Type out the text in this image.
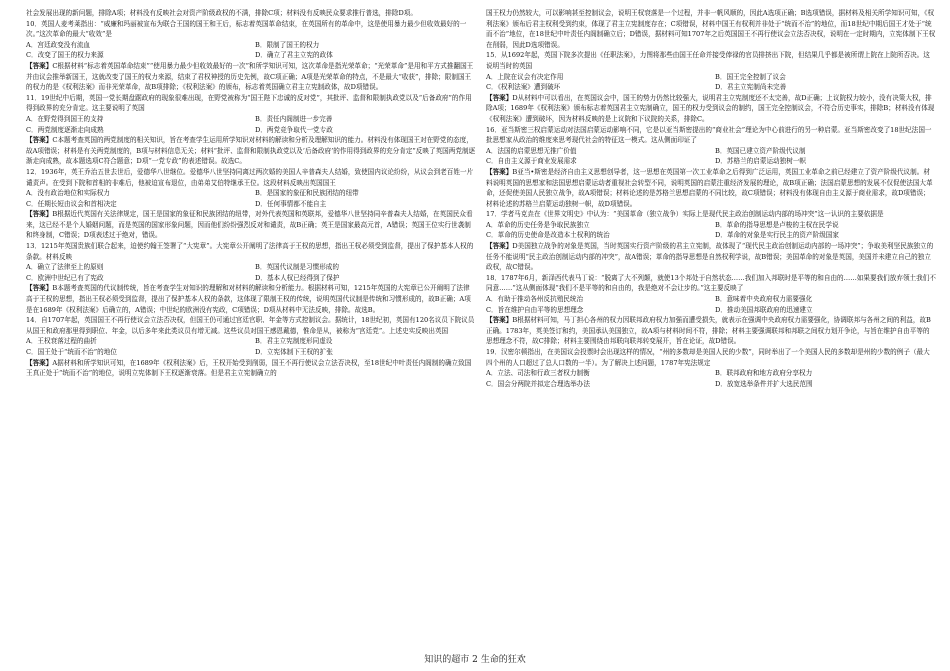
社会发展出现的新问题，排除A项；材料没有反映社会对资产阶级政权的不满，排除C项；材料没有反映民众要求推行普选，排除D项。

10．英国人麦考莱指出：“威廉和玛丽被宣布为联合王国的国王和王后，标志着英国革命结束，在英国所有的革命中，这是使用暴力最少但收效最好的一次。”这次革命的最大“收效”是

A．宫廷政变没有流血	B．限制了国王的权力
C．改变了国王的权力来源	D．确立了君主立宪的政体

【答案】C根据材料“标志着英国革命结束”“使用暴力最少但收效最好的一次”和所学知识可知，这次革命是指光荣革命；“光荣革命”是用和平方式推翻国王并由议会推举新国王，这就改变了国王的权力来源，结束了君权神授的历史先例，故C项正确；A项是光荣革命的特点，不是最大“收获”，排除；限制国王的权力的是《权利法案》而非光荣革命，故B项排除；《权利法案》的颁布，标志着英国确立君主立宪制政体，故D项错误。

11．19世纪中后期，英国一党长期盘踞政府的现象很难出现，在野党被称为“国王陛下忠诚的反对党”，其批评、监督和限制执政党以及“后备政府”的作用得到政界的充分肯定。这主要说明了英国

A．在野党得到国王的支持	B．责任内阁制进一步完善
C．两党制度逐渐走向成熟	D．两党竞争取代一党专政

【答案】C本题考查英国的两党制度的相关知识，旨在考查学生运用所学知识对材料的解读和分析及理解知识的能力。材料没有体现国王对在野党的态度，故A项错误；材料是有关两党制度的，B项与材料信息无关；材料“批评、监督和限制执政党以及‘后备政府’的作用得到政界的充分肯定”反映了英国两党制逐渐走向成熟，故本题选项C符合题意；D项“一党专政”的表述错误。故选C。

12．1936年，英王乔治五世去世后，爱德华八世继位。爱德华八世坚持同离过两次婚的美国人辛普森夫人结婚，致使国内议论纷纷，从议会到老百姓一片谴责声。在受到下院和首相的非难后，他被迫宣布退位，由弟弟艾伯特继承王位。这段材料反映出英国国王

A．没有政治地位和实际权力	B．是国家的象征和民族团结的纽带
C．任期长短由议会和首相决定	D．任何事情都不能自主

【答案】B根据近代英国有关法律规定，国王是国家的象征和民族团结的纽带，对外代表英国和英联邦，爱德华八世坚持同辛普森夫人结婚，在英国民众看来，这已经不是个人婚姻问题，而是英国的国家形象问题，因而他们纷纷强烈反对和谴责，故B正确；英王是国家最高元首，A错误；英国王位实行世袭制和终身制，C错误；D项表述过于绝对，错误。

13．1215年英国贵族们联合起来，迫使约翰王签署了“大宪章”。大宪章公开阐明了法律高于王权的思想，指出王权必须受到监督，提出了保护基本人权的条款。材料反映

A．确立了法律至上的原则	B．英国代议制是习惯形成的
C．欧洲中世纪已有了宪政	D．基本人权已经得到了保护

【答案】B本题考查英国的代议制传统，旨在考查学生对知识的理解和对材料的解读和分析能力。根据材料可知，1215年英国的大宪章已公开阐明了法律高于王权的思想，指出王权必须受到监督，提出了保护基本人权的条款，这体现了限制王权的传统，说明英国代议制是传统和习惯形成的，故B正确；A项是在1689年《权利法案》后确立的，A错误；中世纪的欧洲没有宪政，C项错误；D项从材料中无法反映，排除。故选B。

14．自1707年起，英国国王不再行使议会立法否决权，但国王仍可通过宫廷官职、年金等方式控制议会。据统计，18世纪初，英国有120名议员下院议员从国王和政府那里得到职位、年金，以后多年来此类议员有增无减。这些议员对国王感恩戴德，惟命是从，被称为“宫廷党”。上述史实反映出英国

A．王权衰落过程的曲折	B．君主立宪制度形同虚设
C．国王处于“统而不治”的地位	D．立宪体制下王权的扩张

【答案】A据材料和所学知识可知，在1689年《权利法案》后，王权开始受到削弱，国王不再行使议会立法否决权，至18世纪中叶责任内阁制的确立致国王真正处于“统而不治”的地位，说明立宪体制下王权逐渐衰落。但是君主立宪制确立的

国王权力仍然较大，可以影响甚至控制议会，说明王权衰落是一个过程，并非一帆风顺的，因此A选项正确；B选项错误，据材料及相关所学知识可知，《权利法案》颁布后君主权利受到约束，体现了君主立宪制度存在；C项错误，材料中国王有权利并非处于“统而不治”的地位，而18世纪中期后国王才处于“统而不治”地位，在18世纪中叶责任内阁制确立后；D错误，据材料可知1707年之后英国国王不再行使议会立法否决权，说明在一定时期内，立宪体制下王权在削弱，因此D选项错误。

15．从1692年起，英国下院多次提出《任职法案》，力图将那些由国王任命并接受俸禄的官员排挤出下院，但结果几乎都是被所谓上院在上院所否决。这说明当时的英国

A．上院在议会有决定作用	B．国王完全控制了议会
C．《权利法案》遭到破坏	D．君主立宪制尚未完善

【答案】D从材料中可以看出，在英国议会中，国王的势力仍然比较强大，说明君主立宪制度还不太完善，故D正确；上议院权力较小，没有决策大权，排除A项；1689年《权利法案》颁布标志着英国君主立宪制确立，国王的权力受到议会的制约，国王完全控制议会，不符合历史事实，排除B；材料没有体现《权利法案》遭到破坏，因为材料反映的是上议院和下议院的关系，排除C。

16．亚当斯密三权启蒙运动对法国启蒙运动影响不同，它是以亚当斯密提出的“商业社会”理论为中心前进行的另一种启蒙。亚当斯密改变了18世纪法国一批思想家从政治的维度来思考现代社会的特征这一模式。这从侧面印证了

A．法国的启蒙思想无推广价值	B．英国已建立资产阶级代议制
C．自由主义源于商业发展需求	D．苏格兰的启蒙运动独树一帜

【答案】B亚当•斯密是经济自由主义思想创导者，这一思想在英国第一次工业革命之后得到广泛运用，英国工业革命之前已经建立了资产阶级代议制。材料说明英国的思想家和法国思想启蒙运动者重视社会转型不同，说明英国的启蒙注重经济发展的理论，故B项正确；法国启蒙思想的发展不仅促使法国大革命，还促使美国人民独立战争，故A项错误；材料论述的是苏格兰思想启蒙的不同比较，故C项错误；材料没有体现自由主义源于商业需求，故D项错误；材料论述的苏格兰启蒙运动独树一帜，故D项错误。

17．学者马克垚在《世界文明史》中认为：“美国革命（独立战争）实际上是现代民主政治创制运动内部的场冲突”这一认识的主要依据是

A．革命的历史任务是争取民族独立	B．革命的指导思想是卢梭的主权在民学说
C．革命的历史使命是改造本土权利的统治	D．革命的对象是实行民主的资产阶级国家

【答案】D美国独立战争的对象是英国，当时英国实行资产阶级的君主立宪制，故体现了“现代民主政治创制运动内部的一场冲突”；争取美利坚民族独立的任务不能说明“民主政治创制运动内部的冲突”，故A错误；革命的指导思想是自然权利学说，故B错误；美国革命的对象是英国，美国并未建立自己的独立政权，故C错误。

18．1787年6月，新泽西代表马丁说：“脱离了大不列颠，就使13个邦处于自然状态……我们加入邦联时是平等的和自由的……如果要我们放弃领土我们不同意……”这从侧面体现“我们不是平等的和自由的，我是绝对不会让步的。”这主要反映了

A．有助于推动各州反抗殖民统治	B．意味着中央政府权力需要强化
C．旨在维护自由平等的思想理念	D．推动美国邦联政府的迅速建立

【答案】B根据材料可知，马丁担心各州的权力因联邦政府权力加强而遭受损失，就表示在强调中央政府权力需要强化，协调联邦与各州之间的利益，故B正确。1783年，英美签订和约，美国承认美国独立，故A项与材料时间不符，排除；材料主要强调联邦和邦联之间权力划开争论，与旨在维护自由平等的思想理念不符，故C排除；材料主要围绕由邦联向联邦转变展开，旨在论证，故D错误。

19．汉密尔顿指出，在美国议会投票时会出现这样的情况，“州的多数却是美国人民的少数”，同时举出了一个美国人民的多数却是州的少数的例子（最大四个州的人口超过了总人口数的一半）。为了解决上述问题，1787年宪法规定

A．立法、司法和行政三者权力制衡	B．联邦政府和地方政府分享权力
C．国会分两院并拟定合理选举办法	D．放宽选举条件并扩大选民范围
知识的超市 2 生命的狂欢
